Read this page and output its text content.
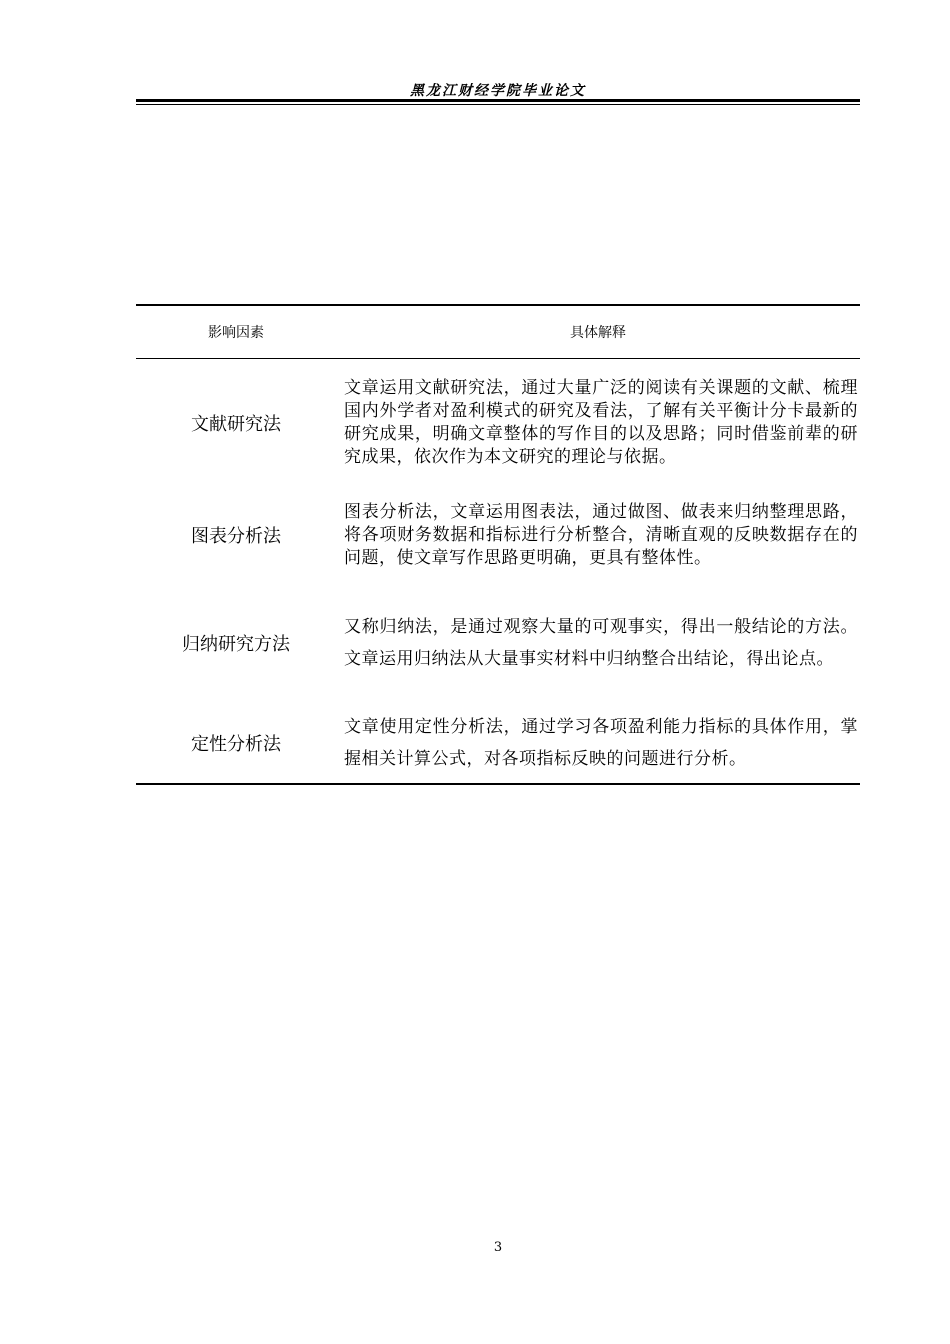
黑龙江财经学院毕业论文
影响因素	具体解释
文献研究法
文章运用文献研究法，通过大量广泛的阅读有关课题的文献、梳理国内外学者对盈利模式的研究及看法，了解有关平衡计分卡最新的研究成果，明确文章整体的写作目的以及思路；同时借鉴前辈的研究成果，依次作为本文研究的理论与依据。
图表分析法
图表分析法，文章运用图表法，通过做图、做表来归纳整理思路，将各项财务数据和指标进行分析整合，清晰直观的反映数据存在的问题，使文章写作思路更明确，更具有整体性。
归纳研究方法
又称归纳法，是通过观察大量的可观事实，得出一般结论的方法。文章运用归纳法从大量事实材料中归纳整合出结论，得出论点。
定性分析法
文章使用定性分析法，通过学习各项盈利能力指标的具体作用，掌握相关计算公式，对各项指标反映的问题进行分析。
3
